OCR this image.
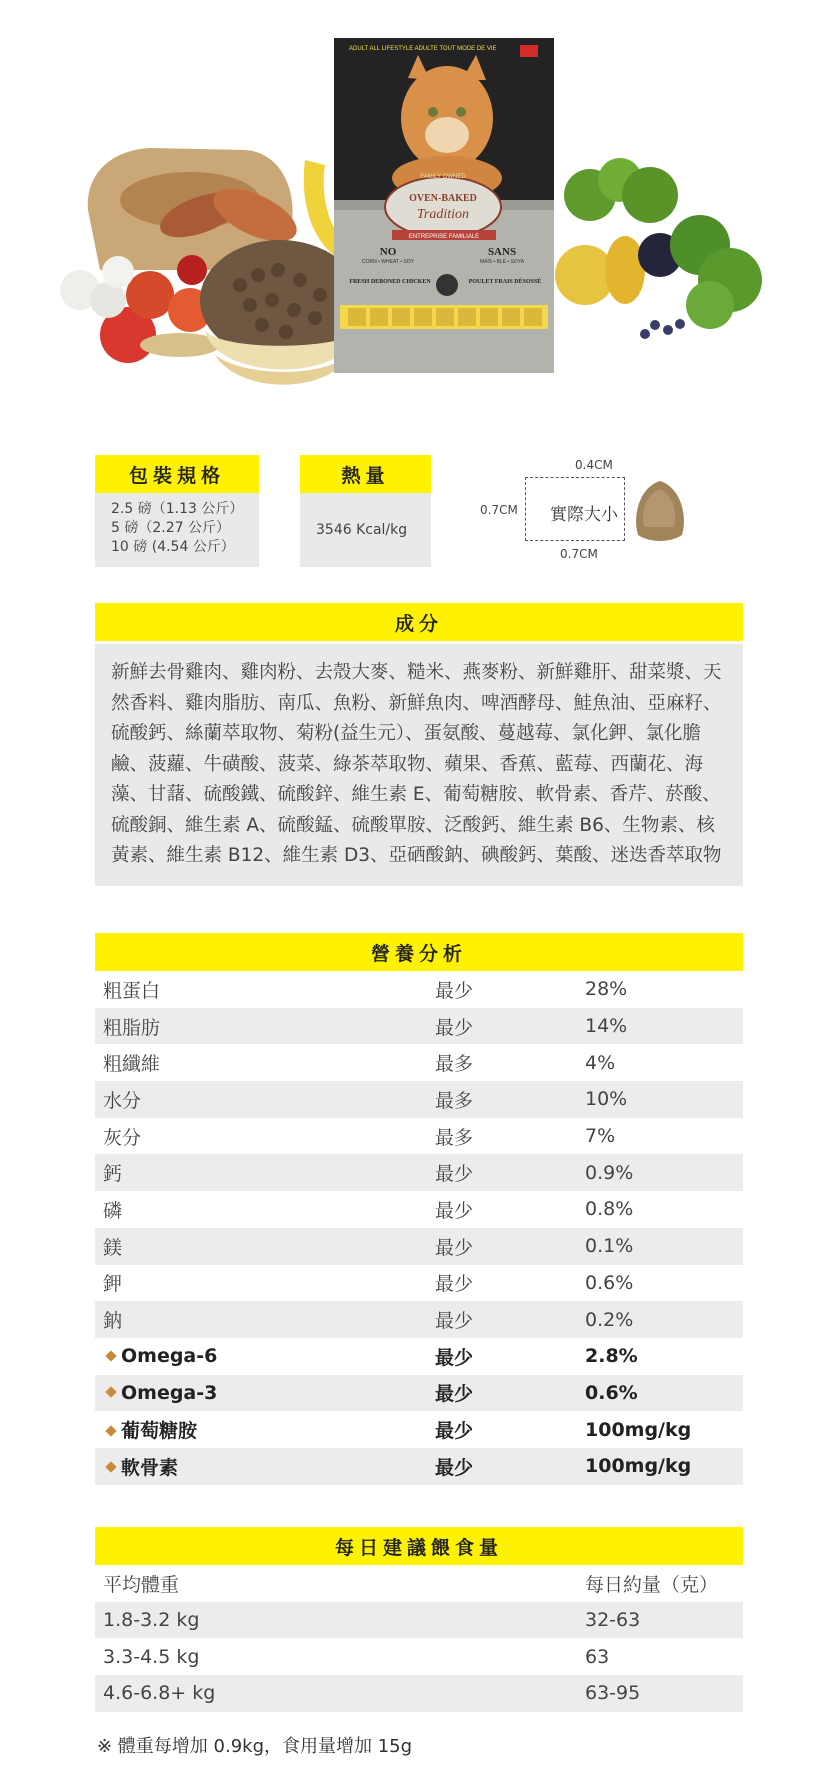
ADULT ALL LIFESTYLE ADULTE TOUT MODE DE VIE
FAMILY OWNED
OVEN-BAKED
Tradition
ENTREPRISE FAMILIALE
NO
CORN • WHEAT • SOY
SANS
MAÏS • BLÉ • SOYA
FRESH DEBONED CHICKEN	POULET FRAIS DÉSOSSÉ
包裝規格
2.5 磅（1.13 公斤）
5 磅（2.27 公斤）
10 磅 (4.54 公斤）
熱量
3546 Kcal/kg
0.4CM
0.7CM
0.7CM
實際大小
成分
新鮮去骨雞肉、雞肉粉、去殼大麥、糙米、燕麥粉、新鮮雞肝、甜菜漿、天然香料、雞肉脂肪、南瓜、魚粉、新鮮魚肉、啤酒酵母、鮭魚油、亞麻籽、硫酸鈣、絲蘭萃取物、菊粉(益生元）、蛋氨酸、蔓越莓、氯化鉀、氯化膽鹼、菠蘿、牛磺酸、菠菜、綠茶萃取物、蘋果、香蕉、藍莓、西蘭花、海藻、甘藷、硫酸鐵、硫酸鋅、維生素 E、葡萄糖胺、軟骨素、香芹、菸酸、硫酸銅、維生素 A、硫酸錳、硫酸單胺、泛酸鈣、維生素 B6、生物素、核黃素、維生素 B12、維生素 D3、亞硒酸鈉、碘酸鈣、葉酸、迷迭香萃取物
營養分析
粗蛋白	最少	28%
粗脂肪	最少	14%
粗纖維	最多	4%
水分	最多	10%
灰分	最多	7%
鈣	最少	0.9%
磷	最少	0.8%
鎂	最少	0.1%
鉀	最少	0.6%
鈉	最少	0.2%
Omega-6	最少	2.8%
Omega-3	最少	0.6%
葡萄糖胺	最少	100mg/kg
軟骨素	最少	100mg/kg
每日建議餵食量
平均體重	每日約量（克）
1.8-3.2 kg	32-63
3.3-4.5 kg	63
4.6-6.8+ kg	63-95
※ 體重每增加 0.9kg，食用量增加 15g
